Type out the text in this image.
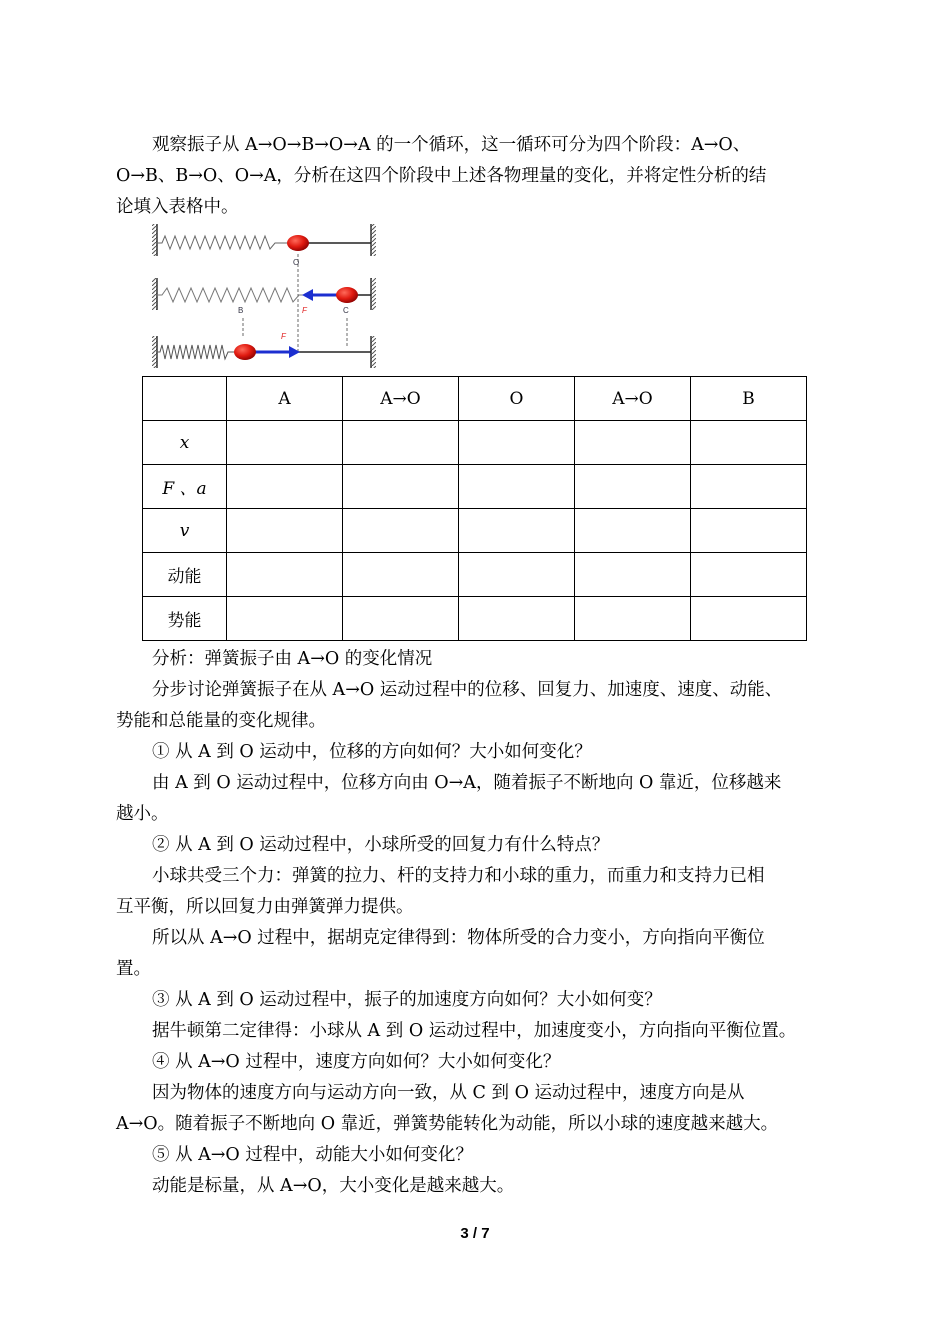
观察振子从 A→O→B→O→A 的一个循环，这一循环可分为四个阶段：A→O、
O→B、B→O、O→A，分析在这四个阶段中上述各物理量的变化，并将定性分析的结
论填入表格中。
O
B	F	C
F
	A	A→O	O	A→O	B
x					
F 、a					
v					
动能					
势能					
分析：弹簧振子由 A→O 的变化情况
分步讨论弹簧振子在从 A→O 运动过程中的位移、回复力、加速度、速度、动能、
势能和总能量的变化规律。
① 从 A 到 O 运动中，位移的方向如何？大小如何变化？
由 A 到 O 运动过程中，位移方向由 O→A，随着振子不断地向 O 靠近，位移越来
越小。
② 从 A 到 O 运动过程中，小球所受的回复力有什么特点？
小球共受三个力：弹簧的拉力、杆的支持力和小球的重力，而重力和支持力已相
互平衡，所以回复力由弹簧弹力提供。
所以从 A→O 过程中，据胡克定律得到：物体所受的合力变小，方向指向平衡位
置。
③ 从 A 到 O 运动过程中，振子的加速度方向如何？大小如何变？
据牛顿第二定律得：小球从 A 到 O 运动过程中，加速度变小，方向指向平衡位置。
④ 从 A→O 过程中，速度方向如何？大小如何变化？
因为物体的速度方向与运动方向一致，从 C 到 O 运动过程中，速度方向是从
A→O。随着振子不断地向 O 靠近，弹簧势能转化为动能，所以小球的速度越来越大。
⑤ 从 A→O 过程中，动能大小如何变化？
动能是标量，从 A→O，大小变化是越来越大。
3 / 7
